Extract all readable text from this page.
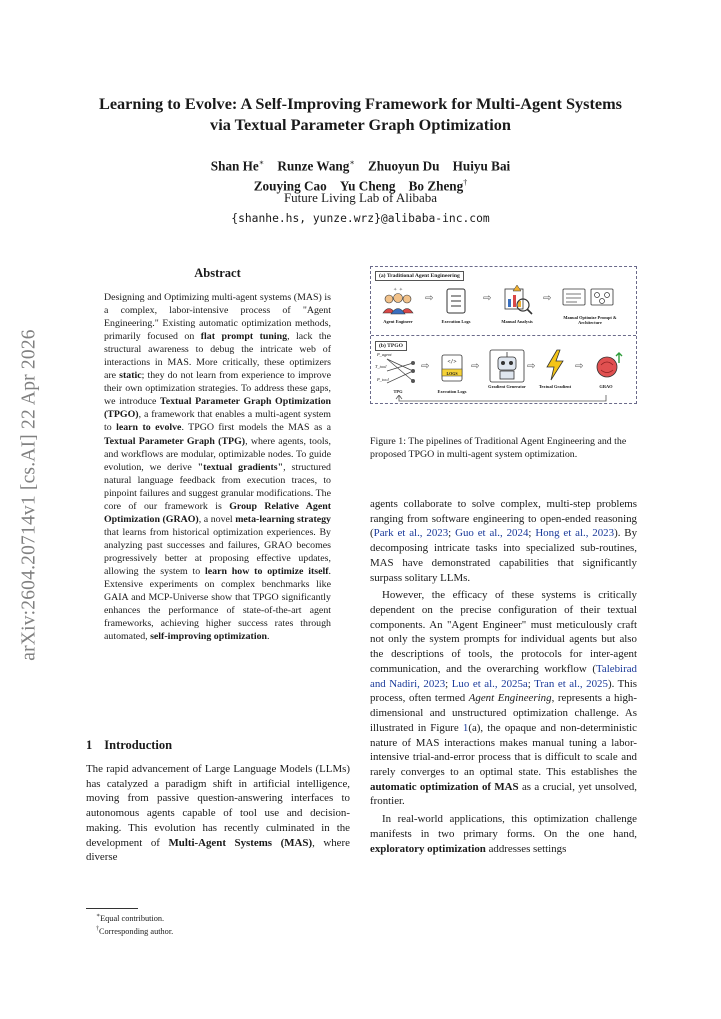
arXiv:2604.20714v1 [cs.AI] 22 Apr 2026
Learning to Evolve: A Self-Improving Framework for Multi-Agent Systems
via Textual Parameter Graph Optimization
Shan He∗ Runze Wang∗ Zhuoyun Du Huiyu Bai
Zouying Cao Yu Cheng Bo Zheng†
Future Living Lab of Alibaba
{shanhe.hs, yunze.wrz}@alibaba-inc.com
Abstract
Designing and Optimizing multi-agent systems (MAS) is a complex, labor-intensive process of "Agent Engineering." Existing automatic optimization methods, primarily focused on flat prompt tuning, lack the structural awareness to debug the intricate web of interactions in MAS. More critically, these optimizers are static; they do not learn from experience to improve their own optimization strategies. To address these gaps, we introduce Textual Parameter Graph Optimization (TPGO), a framework that enables a multi-agent system to learn to evolve. TPGO first models the MAS as a Textual Parameter Graph (TPG), where agents, tools, and workflows are modular, optimizable nodes. To guide evolution, we derive "textual gradients", structured natural language feedback from execution traces, to pinpoint failures and suggest granular modifications. The core of our framework is Group Relative Agent Optimization (GRAO), a novel meta-learning strategy that learns from historical optimization experiences. By analyzing past successes and failures, GRAO becomes progressively better at proposing effective updates, allowing the system to learn how to optimize itself. Extensive experiments on complex benchmarks like GAIA and MCP-Universe show that TPGO significantly enhances the performance of state-of-the-art agent frameworks, achieving higher success rates through automated, self-improving optimization.
1 Introduction
The rapid advancement of Large Language Models (LLMs) has catalyzed a paradigm shift in artificial intelligence, moving from passive question-answering interfaces to autonomous agents capable of tool use and decision-making. This evolution has recently culminated in the development of Multi-Agent Systems (MAS), where diverse
∗Equal contribution.
†Corresponding author.
(a) Traditional Agent Engineering
✦ ✦
Agent Engineer
⇨
Execution Logs
⇨
Manual Analysis
⇨
Manual Optimize Prompt & Architecture
(b) TPGO
P_agent
T_tool
P_tool
TPG
⇨	</>
LOGS
Execution Logs
⇨
Gradient Generator
⇨
Textual Gradient
⇨
GRAO
Figure 1: The pipelines of Traditional Agent Engineering and the proposed TPGO in multi-agent system optimization.

agents collaborate to solve complex, multi-step problems ranging from software engineering to open-ended reasoning (Park et al., 2023; Guo et al., 2024; Hong et al., 2023). By decomposing intricate tasks into specialized sub-routines, MAS have demonstrated capabilities that significantly surpass solitary LLMs.

However, the efficacy of these systems is critically dependent on the precise configuration of their textual components. An "Agent Engineer" must meticulously craft not only the system prompts for individual agents but also the descriptions of tools, the protocols for inter-agent communication, and the overarching workflow (Talebirad and Nadiri, 2023; Luo et al., 2025a; Tran et al., 2025). This process, often termed Agent Engineering, represents a high-dimensional and unstructured optimization challenge. As illustrated in Figure 1(a), the opaque and non-deterministic nature of MAS interactions makes manual tuning a labor-intensive trial-and-error process that is difficult to scale and rarely converges to an optimal state. This establishes the automatic optimization of MAS as a crucial, yet unsolved, frontier.

In real-world applications, this optimization challenge manifests in two primary forms. On the one hand, exploratory optimization addresses settings
